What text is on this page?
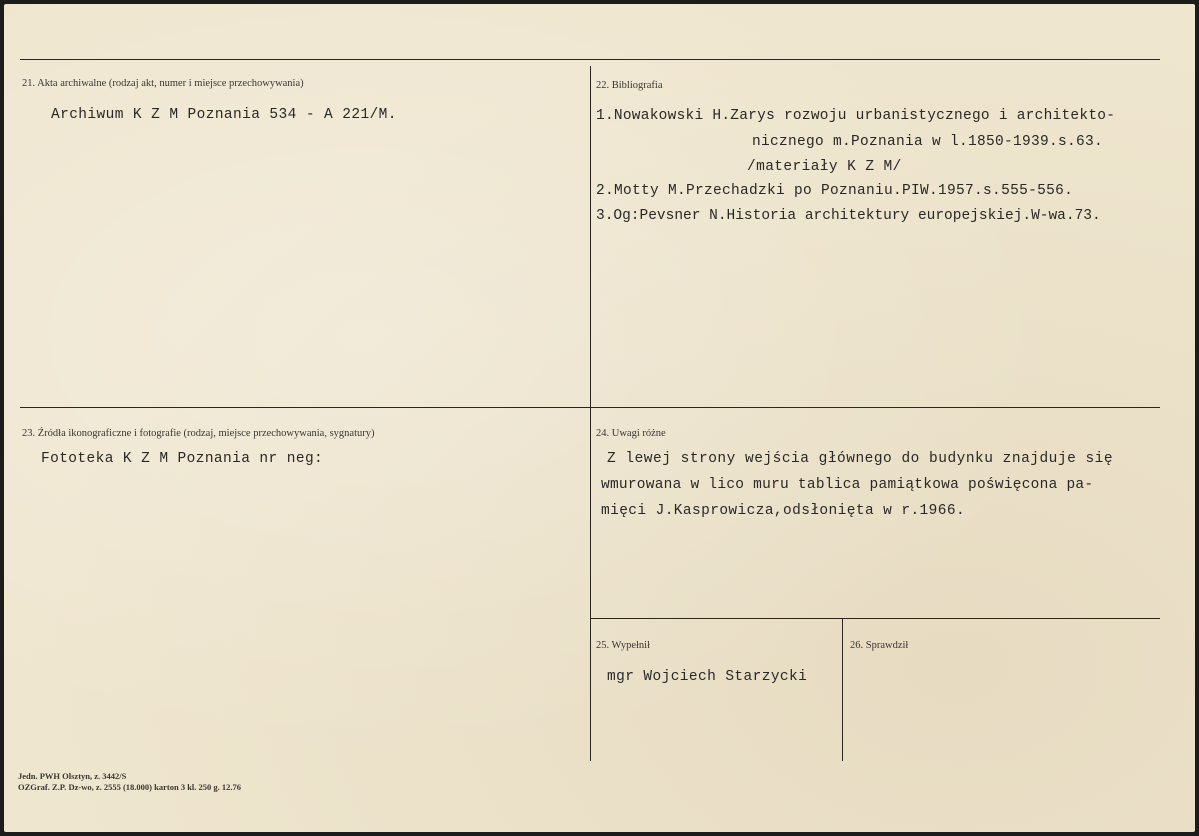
21. Akta archiwalne (rodzaj akt, numer i miejsce przechowywania)
Archiwum K Z M Poznania 534 - A 221/M.
22. Bibliografia
1.Nowakowski H.Zarys rozwoju urbanistycznego i architekto-
nicznego m.Poznania w l.1850-1939.s.63.
/materiały K Z M/
2.Motty M.Przechadzki po Poznaniu.PIW.1957.s.555-556.
3.Og:Pevsner N.Historia architektury europejskiej.W-wa.73.
23. Źródła ikonograficzne i fotografie (rodzaj, miejsce przechowywania, sygnatury)
Fototeka K Z M Poznania nr neg:
24. Uwagi różne
Z lewej strony wejścia głównego do budynku znajduje się
wmurowana w lico muru tablica pamiątkowa poświęcona pa-
mięci J.Kasprowicza,odsłonięta w r.1966.
25. Wypełnił
mgr Wojciech Starzycki
26. Sprawdził
Jedn. PWH Olsztyn, z. 3442/S
OZGraf. Z.P. Dz-wo, z. 2555 (18.000) karton 3 kl. 250 g. 12.76
